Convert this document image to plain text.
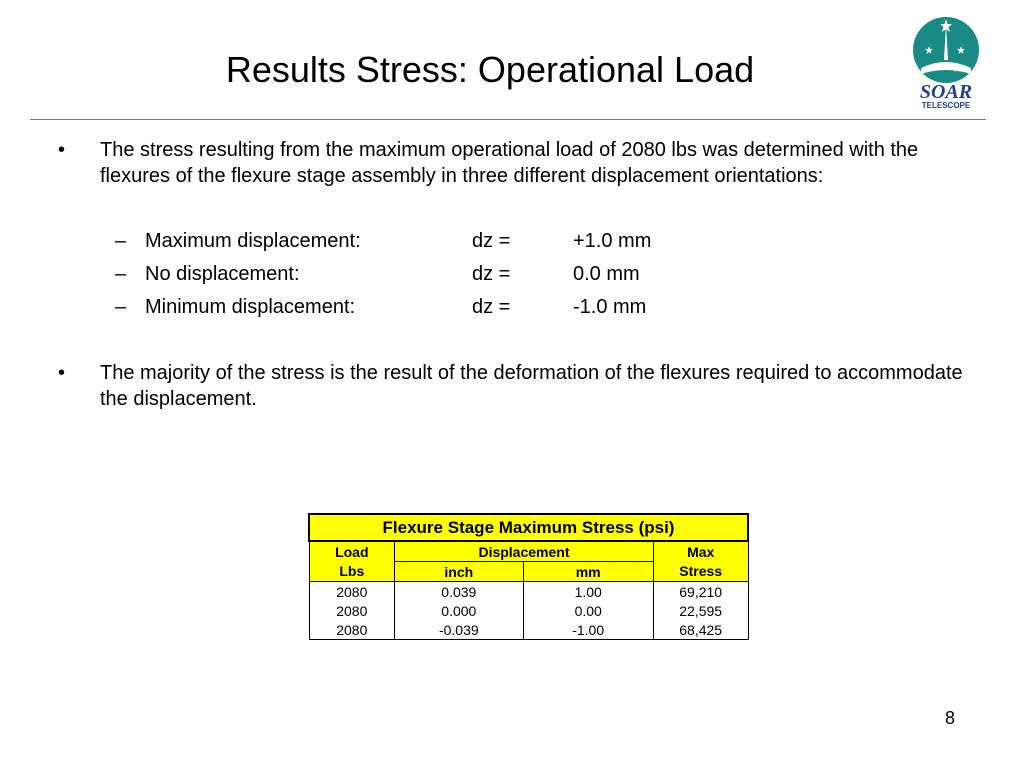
Results Stress: Operational Load
SOAR
TELESCOPE
• The stress resulting from the maximum operational load of 2080 lbs was determined with the flexures of the flexure stage assembly in three different displacement orientations:
– Maximum displacement:	dz =	+1.0 mm
– No displacement:	dz =	0.0 mm
– Minimum displacement:	dz =	-1.0 mm
• The majority of the stress is the result of the deformation of the flexures required to accommodate the displacement.
Flexure Stage Maximum Stress (psi)			
Load	Displacement		Max
Lbs	inch	mm	Stress
2080	0.039	1.00	69,210
2080	0.000	0.00	22,595
2080	-0.039	-1.00	68,425
8
